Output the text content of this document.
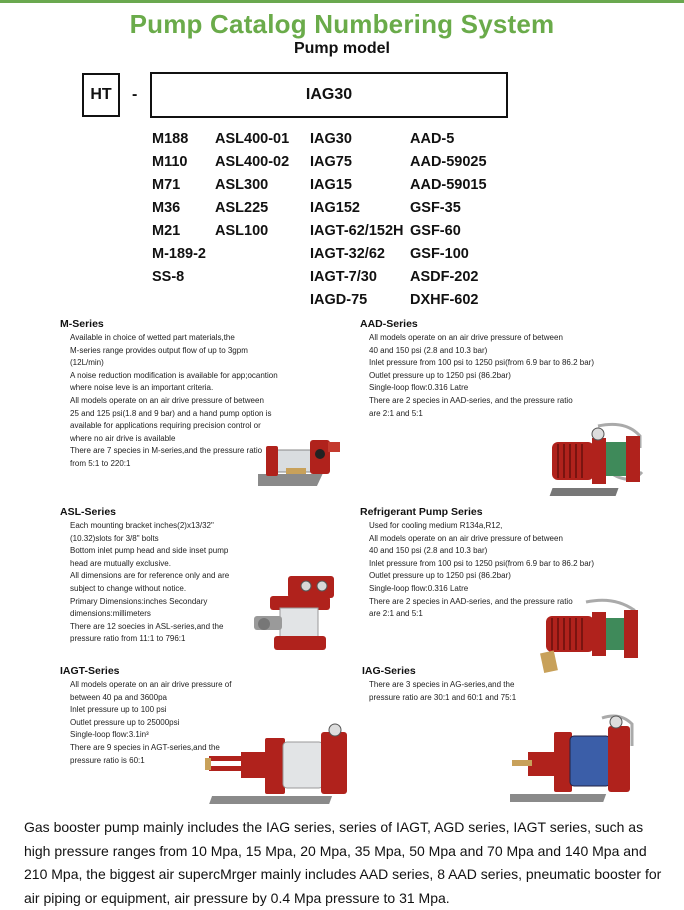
Pump Catalog Numbering System
Pump model
HT	-	IAG30
M188
M110
M71
M36
M21
M-189-2
SS-8
ASL400-01
ASL400-02
ASL300
ASL225
ASL100
IAG30
IAG75
IAG15
IAG152
IAGT-62/152H
IAGT-32/62
IAGT-7/30
IAGD-75
AAD-5
AAD-59025
AAD-59015
GSF-35
GSF-60
GSF-100
ASDF-202
DXHF-602
M-Series
Available in choice of wetted part materials,the
M-series range provides output flow of up to 3gpm
(12L/min)
A noise reduction modification is available for app;ocantion
where noise leve is an important criteria.
All models operate on an air drive pressure of between
25 and 125 psi(1.8 and 9 bar) and a hand pump option is
available for applications requiring precision control or
where no air drive is available
There are 7 species in M-series,and the pressure ratio
from 5:1 to 220:1
AAD-Series
All models operate on an air drive pressure of between
40 and 150 psi (2.8 and 10.3 bar)
Inlet pressure from 100 psi to 1250 psi(from 6.9 bar to 86.2 bar)
Outlet pressure up to 1250 psi (86.2bar)
Single-loop flow:0.316 Latre
There are 2 species in AAD-series, and the pressure ratio
are 2:1 and 5:1
ASL-Series
Each mounting bracket inches(2)x13/32"
(10.32)slots for 3/8" bolts
Bottom inlet pump head and side inset pump
head are mutually exclusive.
All dimensions are for reference only and are
subject to change without notice.
Primary Dimensions:inches Secondary
dimensions:millimeters
There are 12 soecies in ASL-series,and the
pressure ratio from 11:1 to 796:1
Refrigerant Pump Series
Used for cooling medium R134a,R12,
All models operate on an air drive pressure of between
40 and 150 psi (2.8 and 10.3 bar)
Inlet pressure from 100 psi to 1250 psi(from 6.9 bar to 86.2 bar)
Outlet pressure up to 1250 psi (86.2bar)
Single-loop flow:0.316 Latre
There are 2 species in AAD-series, and the pressure ratio
are 2:1 and 5:1
IAGT-Series
All models operate on an air drive pressure of
between 40 pa and 3600pa
Inlet pressure up to 100 psi
Outlet pressure up to 25000psi
Single-loop flow:3.1in³
There are 9 species in AGT-series,and the
pressure ratio is 60:1
IAG-Series
There are 3 species in AG-series,and the
pressure ratio are 30:1 and 60:1 and 75:1
Gas booster pump mainly includes the IAG series, series of IAGT, AGD series, IAGT series, such as high pressure ranges from 10 Mpa, 15 Mpa, 20 Mpa, 35 Mpa, 50 Mpa and 70 Mpa and 140 Mpa and 210 Mpa, the biggest air supercMrger mainly includes AAD series, 8 AAD series, pneumatic booster for air piping or equipment, air pressure by 0.4 Mpa pressure to 31 Mpa.
